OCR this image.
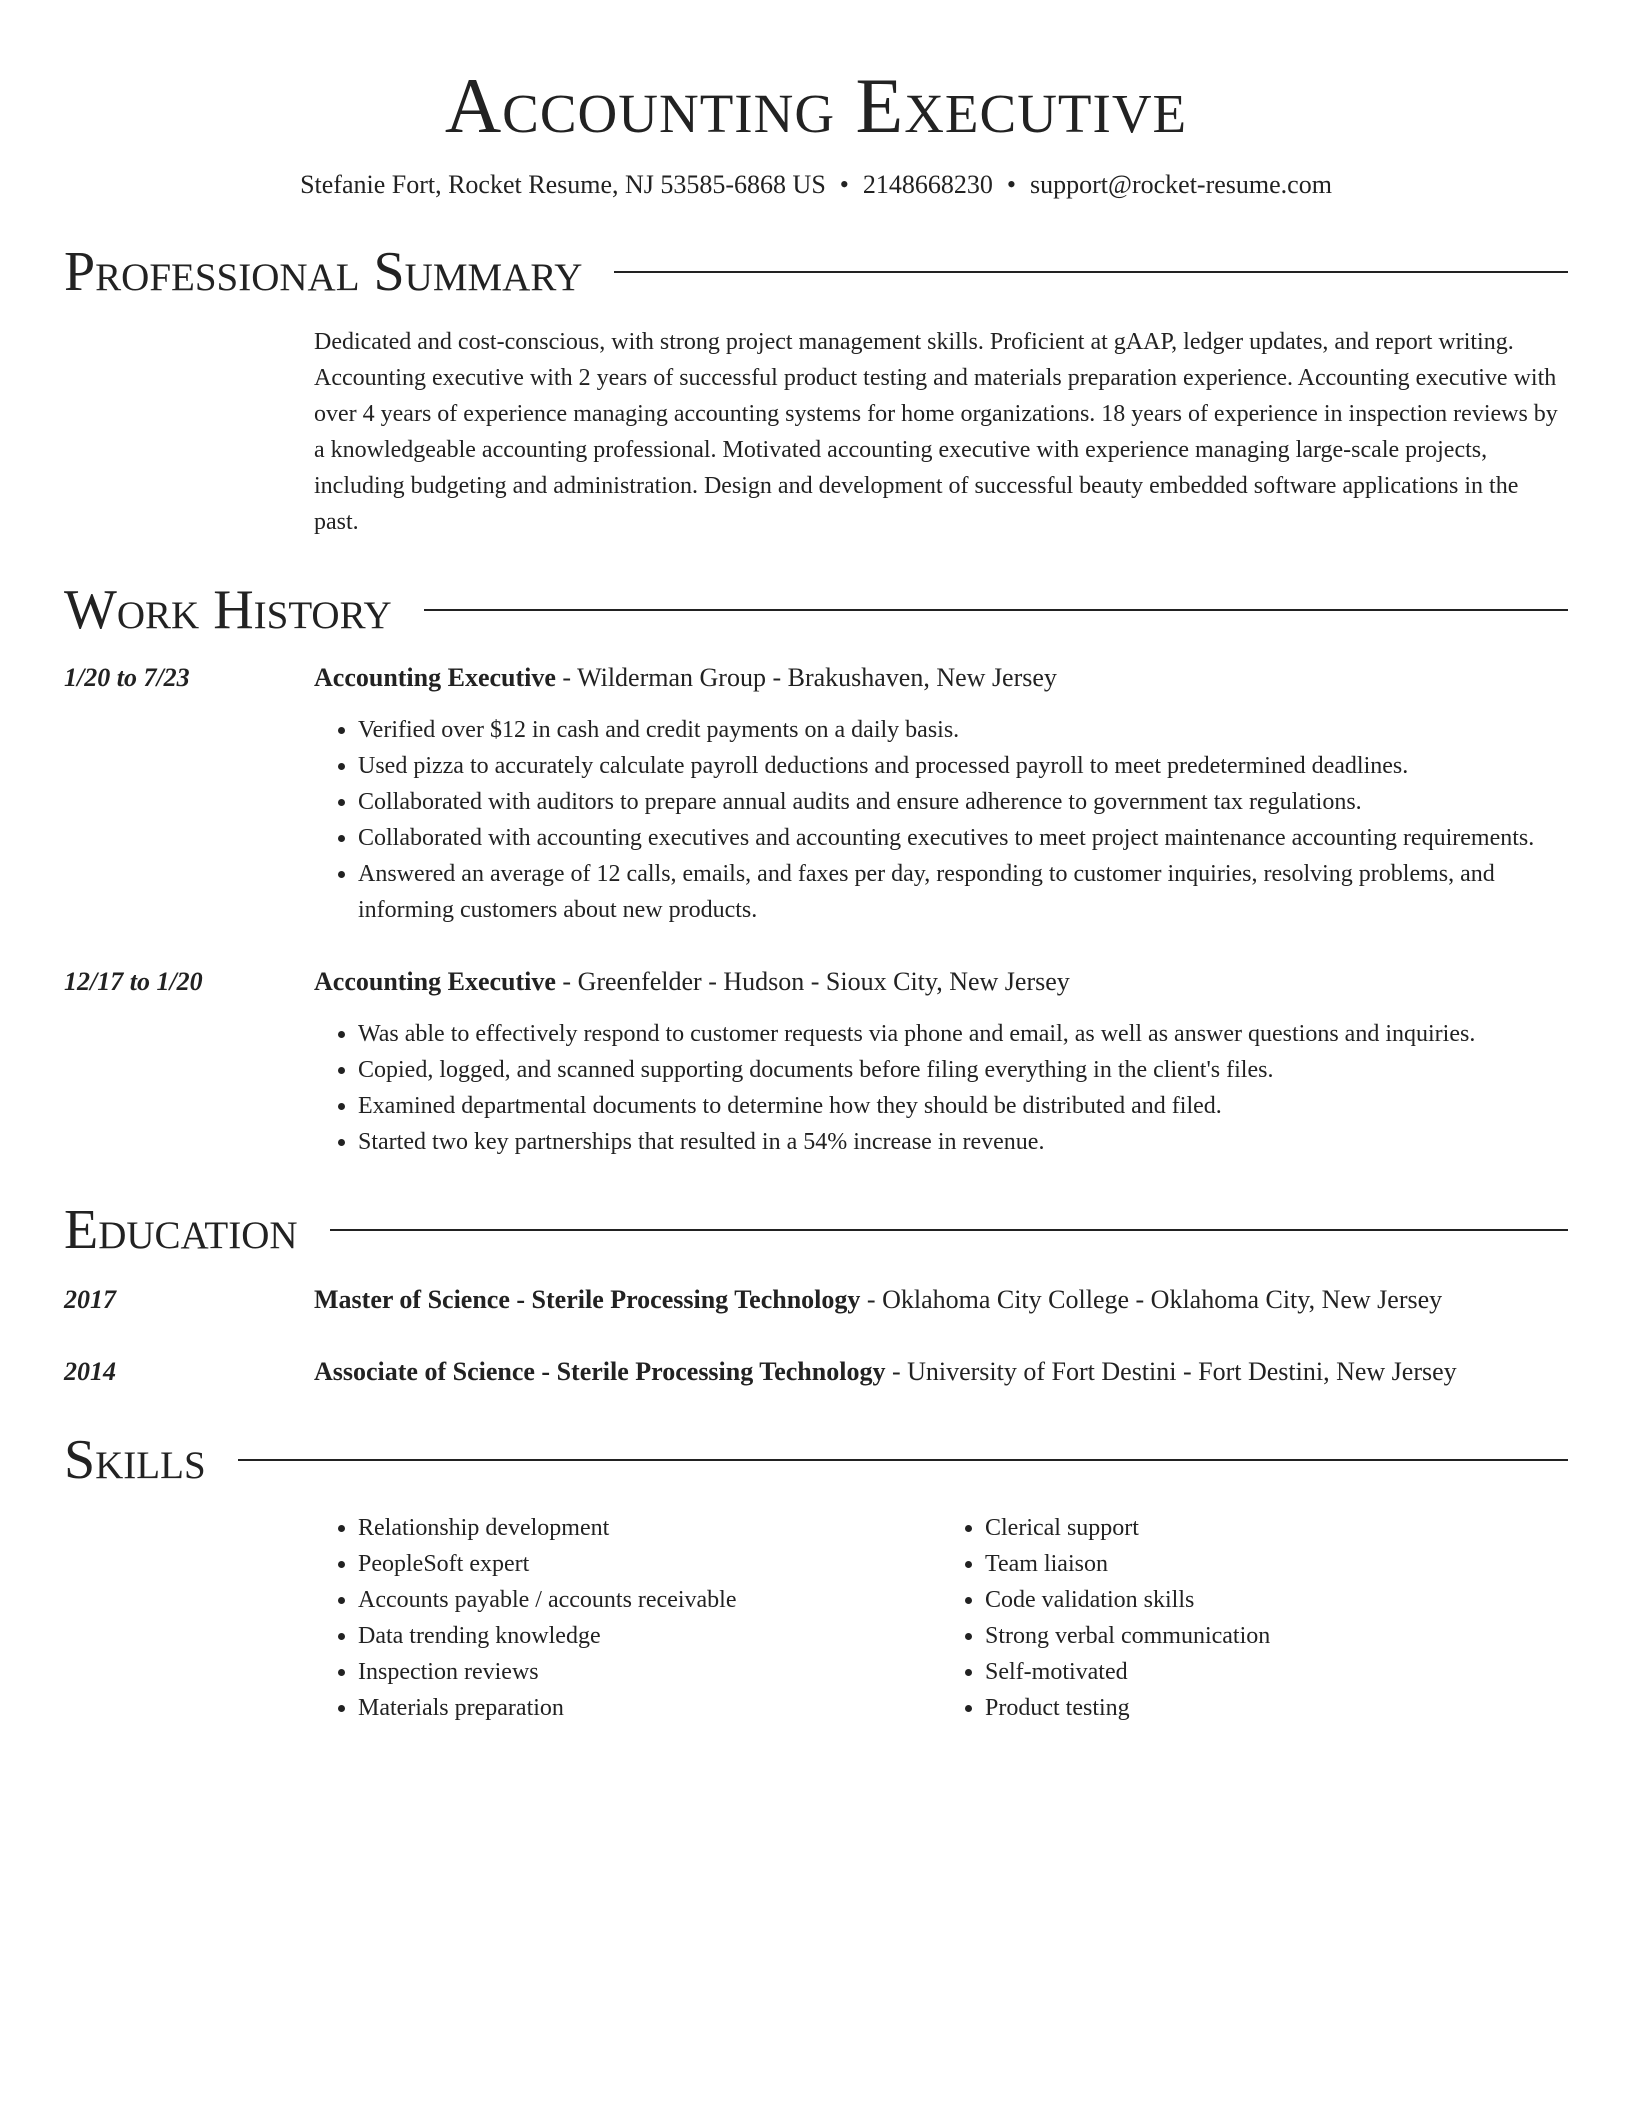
Accounting Executive
Stefanie Fort, Rocket Resume, NJ 53585-6868 US • 2148668230 • support@rocket-resume.com
Professional Summary

Dedicated and cost-conscious, with strong project management skills. Proficient at gAAP, ledger updates, and report writing. Accounting executive with 2 years of successful product testing and materials preparation experience. Accounting executive with over 4 years of experience managing accounting systems for home organizations. 18 years of experience in inspection reviews by a knowledgeable accounting professional. Motivated accounting executive with experience managing large-scale projects, including budgeting and administration. Design and development of successful beauty embedded software applications in the past.

Work History
1/20 to 7/23	Accounting Executive - Wilderman Group - Brakushaven, New Jersey
• Verified over $12 in cash and credit payments on a daily basis.
• Used pizza to accurately calculate payroll deductions and processed payroll to meet predetermined deadlines.
• Collaborated with auditors to prepare annual audits and ensure adherence to government tax regulations.
• Collaborated with accounting executives and accounting executives to meet project maintenance accounting requirements.
• Answered an average of 12 calls, emails, and faxes per day, responding to customer inquiries, resolving problems, and informing customers about new products.
12/17 to 1/20	Accounting Executive - Greenfelder - Hudson - Sioux City, New Jersey
• Was able to effectively respond to customer requests via phone and email, as well as answer questions and inquiries.
• Copied, logged, and scanned supporting documents before filing everything in the client's files.
• Examined departmental documents to determine how they should be distributed and filed.
• Started two key partnerships that resulted in a 54% increase in revenue.
Education
2017	Master of Science - Sterile Processing Technology - Oklahoma City College - Oklahoma City, New Jersey
2014	Associate of Science - Sterile Processing Technology - University of Fort Destini - Fort Destini, New Jersey
Skills
• Relationship development
• PeopleSoft expert
• Accounts payable / accounts receivable
• Data trending knowledge
• Inspection reviews
• Materials preparation
• Clerical support
• Team liaison
• Code validation skills
• Strong verbal communication
• Self-motivated
• Product testing
